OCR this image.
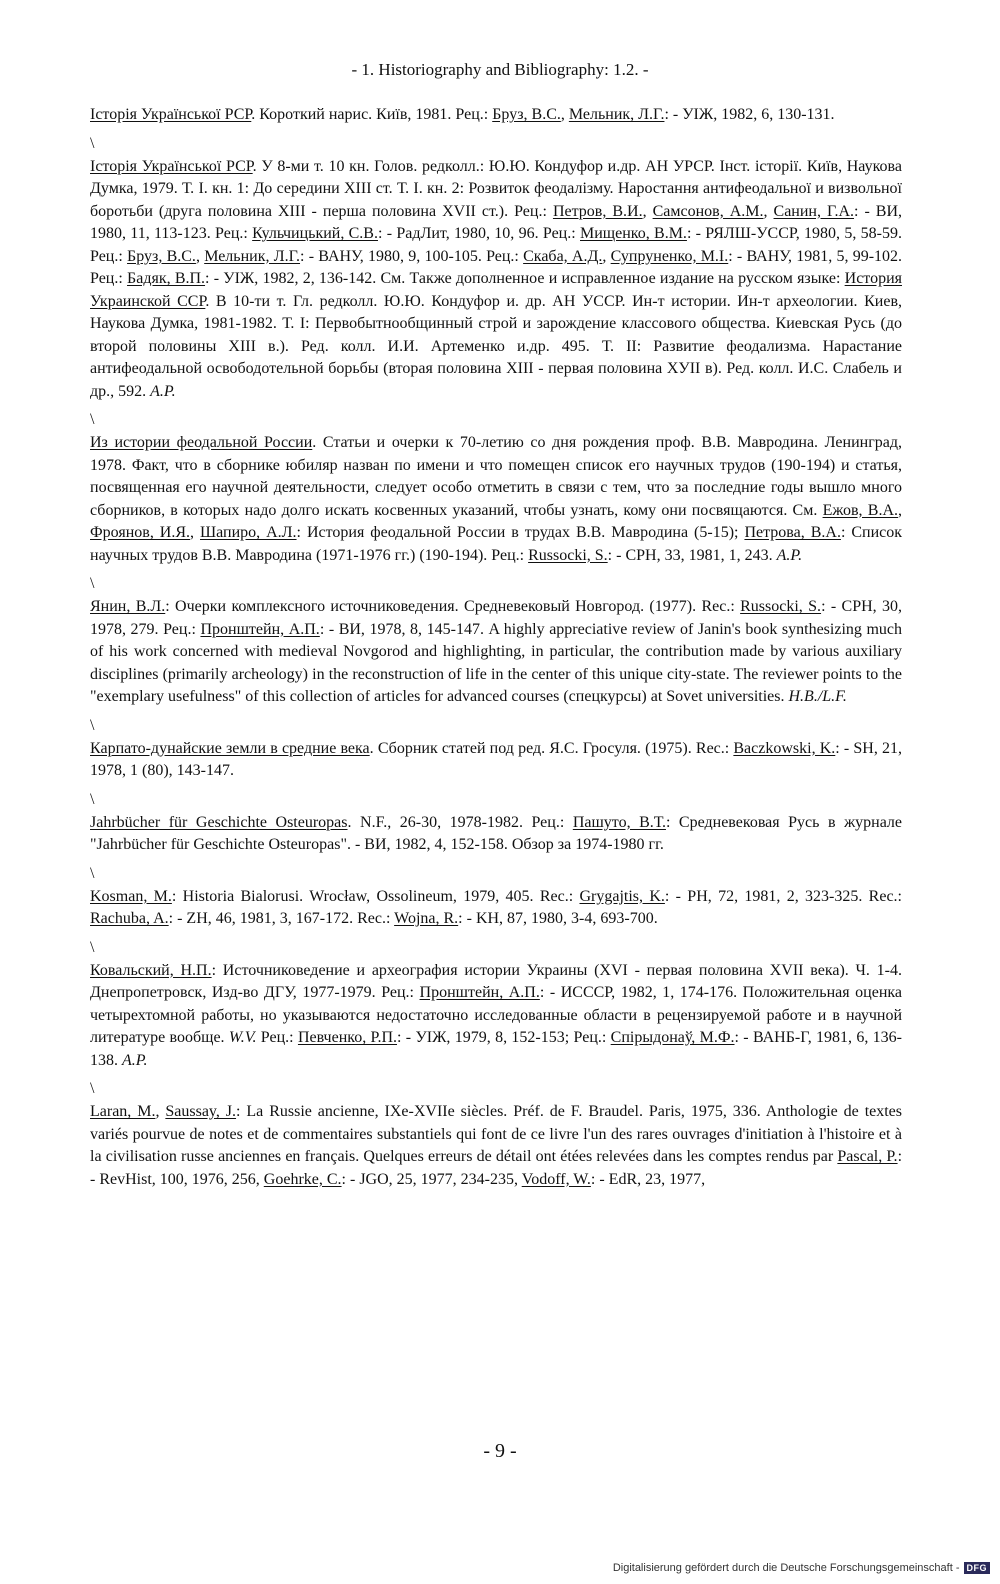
- 1. Historiography and Bibliography: 1.2. -
Історія Української РСР. Короткий нарис. Київ, 1981. Рец.: Бруз, В.С., Мельник, Л.Г.: - УІЖ, 1982, 6, 130-131.
\
Історія Української РСР. У 8-ми т. 10 кн. Голов. редколл.: Ю.Ю. Кондуфор и.др. АН УРСР. Інст. історії. Київ, Наукова Думка, 1979. Т. І. кн. 1: До середини XIII ст. Т. І. кн. 2: Розвиток феодалізму. Наростання антифеодальної и визвольної боротьби (друга половина XIII - перша половина XVII ст.). Рец.: Петров, В.И., Самсонов, А.М., Санин, Г.А.: - ВИ, 1980, 11, 113-123. Рец.: Кульчицький, С.В.: - РадЛит, 1980, 10, 96. Рец.: Мищенко, В.М.: - РЯЛШ-УССР, 1980, 5, 58-59. Рец.: Бруз, В.С., Мельник, Л.Г.: - ВАНУ, 1980, 9, 100-105. Рец.: Скаба, А.Д., Супруненко, М.І.: - ВАНУ, 1981, 5, 99-102. Рец.: Бадяк, В.П.: - УІЖ, 1982, 2, 136-142. См. Также дополненное и исправленное издание на русском языке: История Украинской ССР. В 10-ти т. Гл. редколл. Ю.Ю. Кондуфор и. др. АН УССР. Ин-т истории. Ин-т археологии. Киев, Наукова Думка, 1981-1982. Т. I: Первобытнообщинный строй и зарождение классового общества. Киевская Русь (до второй половины XIII в.). Ред. колл. И.И. Артеменко и.др. 495. Т. II: Развитие феодализма. Нарастание антифеодальной освободотельной борьбы (вторая половина XIII - первая половина XУII в). Ред. колл. И.С. Слабель и др., 592. A.P.
\
Из истории феодальной России. Статьи и очерки к 70-летию со дня рождения проф. В.В. Мавродина. Ленинград, 1978. Факт, что в сборнике юбиляр назван по имени и что помещен список его научных трудов (190-194) и статья, посвященная его научной деятельности, следует особо отметить в связи с тем, что за последние годы вышло много сборников, в которых надо долго искать косвенных указаний, чтобы узнать, кому они посвящаются. См. Ежов, В.А., Фроянов, И.Я., Шапиро, А.Л.: История феодальной России в трудах В.В. Мавродина (5-15); Петрова, В.А.: Список научных трудов В.В. Мавродина (1971-1976 гг.) (190-194). Рец.: Russocki, S.: - СРН, 33, 1981, 1, 243. A.P.
\
Янин, В.Л.: Очерки комплексного источниковедения. Средневековый Новгород. (1977). Rec.: Russocki, S.: - СРН, 30, 1978, 279. Рец.: Пронштейн, А.П.: - ВИ, 1978, 8, 145-147. A highly appreciative review of Janin's book synthesizing much of his work concerned with medieval Novgorod and highlighting, in particular, the contribution made by various auxiliary disciplines (primarily archeology) in the reconstruction of life in the center of this unique city-state. The reviewer points to the "exemplary usefulness" of this collection of articles for advanced courses (спецкурсы) at Sovet universities. H.B./L.F.
\
Карпато-дунайские земли в средние века. Сборник статей под ред. Я.С. Гросуля. (1975). Rec.: Baczkowski, K.: - SH, 21, 1978, 1 (80), 143-147.
\
Jahrbücher für Geschichte Osteuropas. N.F., 26-30, 1978-1982. Рец.: Пашуто, В.Т.: Средневековая Русь в журнале "Jahrbücher für Geschichte Osteuropas". - ВИ, 1982, 4, 152-158. Обзор за 1974-1980 гг.
\
Kosman, M.: Historia Bialorusi. Wrocław, Ossolineum, 1979, 405. Rec.: Grygajtis, K.: - PH, 72, 1981, 2, 323-325. Rec.: Rachuba, A.: - ZH, 46, 1981, 3, 167-172. Rec.: Wojna, R.: - KH, 87, 1980, 3-4, 693-700.
\
Ковальский, Н.П.: Источниковедение и археография истории Украины (XVI - первая половина XVII века). Ч. 1-4. Днепропетровск, Изд-во ДГУ, 1977-1979. Рец.: Пронштейн, А.П.: - ИСССР, 1982, 1, 174-176. Положительная оценка четырехтомной работы, но указываются недостаточно исследованные области в рецензируемой работе и в научной литературе вообще. W.V. Рец.: Певченко, Р.П.: - УІЖ, 1979, 8, 152-153; Рец.: Спірыдонаў, М.Ф.: - ВАНБ-Г, 1981, 6, 136-138. A.P.
\
Laran, M., Saussay, J.: La Russie ancienne, IXe-XVIIe siècles. Préf. de F. Braudel. Paris, 1975, 336. Anthologie de textes variés pourvue de notes et de commentaires substantiels qui font de ce livre l'un des rares ouvrages d'initiation à l'histoire et à la civilisation russe anciennes en français. Quelques erreurs de détail ont étées relevées dans les comptes rendus par Pascal, P.: - RevHist, 100, 1976, 256, Goehrke, C.: - JGO, 25, 1977, 234-235, Vodoff, W.: - EdR, 23, 1977,
- 9 -
Digitalisierung gefördert durch die Deutsche Forschungsgemeinschaft - DFG
